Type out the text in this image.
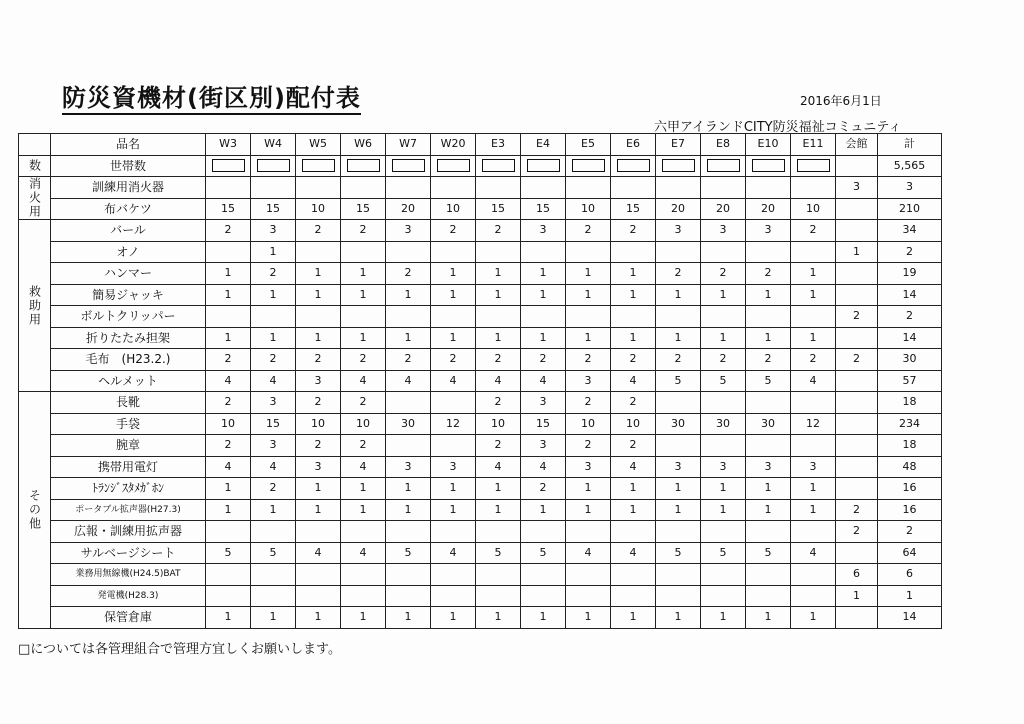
防災資機材(街区別)配付表	2016年6月1日
六甲アイランドCITY防災福祉コミュニティ
	品名	W3	W4	W5	W6	W7	W20	E3	E4	E5	E6	E7	E8	E10	E11	会館	計
数	世帯数																5,565
消火用	訓練用消火器															3	3
	布バケツ	15	15	10	15	20	10	15	15	10	15	20	20	20	10		210
救助用	バール	2	3	2	2	3	2	2	3	2	2	3	3	3	2		34
	オノ		1													1	2
	ハンマー	1	2	1	1	2	1	1	1	1	1	2	2	2	1		19
	簡易ジャッキ	1	1	1	1	1	1	1	1	1	1	1	1	1	1		14
	ボルトクリッパー															2	2
	折りたたみ担架	1	1	1	1	1	1	1	1	1	1	1	1	1	1		14
	毛布　(H23.2.)	2	2	2	2	2	2	2	2	2	2	2	2	2	2	2	30
	ヘルメット	4	4	3	4	4	4	4	4	3	4	5	5	5	4		57
その他	長靴	2	3	2	2			2	3	2	2						18
	手袋	10	15	10	10	30	12	10	15	10	10	30	30	30	12		234
	腕章	2	3	2	2			2	3	2	2						18
	携帯用電灯	4	4	3	4	3	3	4	4	3	4	3	3	3	3		48
	ﾄﾗﾝｼﾞｽﾀﾒｶﾞﾎﾝ	1	2	1	1	1	1	1	2	1	1	1	1	1	1		16
	ポータブル拡声器(H27.3)	1	1	1	1	1	1	1	1	1	1	1	1	1	1	2	16
	広報・訓練用拡声器															2	2
	サルベージシート	5	5	4	4	5	4	5	5	4	4	5	5	5	4		64
	業務用無線機(H24.5)BAT															6	6
	発電機(H28.3)															1	1
	保管倉庫	1	1	1	1	1	1	1	1	1	1	1	1	1	1		14
□については各管理組合で管理方宜しくお願いします。
